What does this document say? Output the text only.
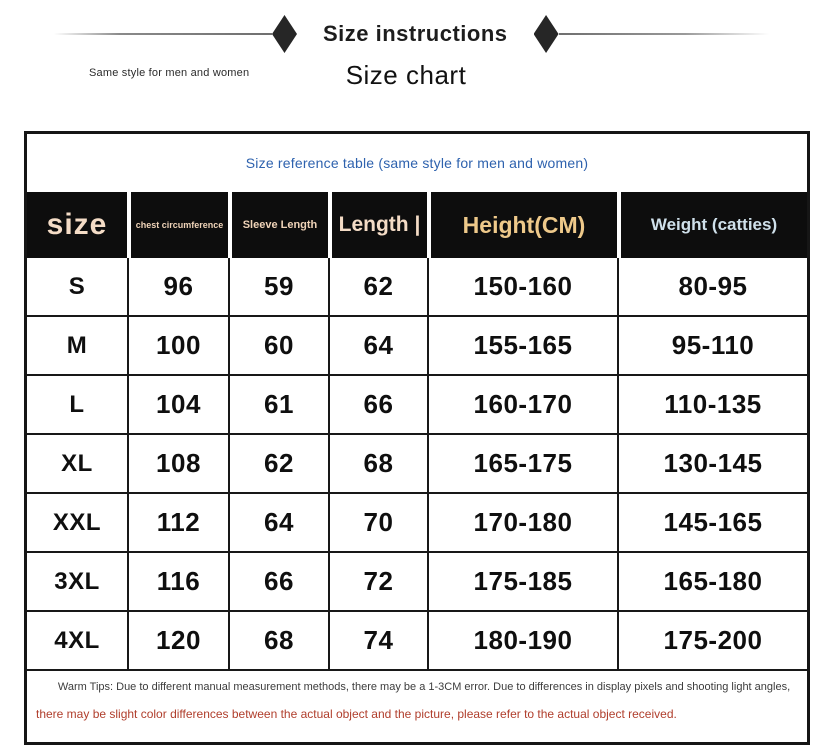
Size instructions
Same style for men and women	Size chart
Size reference table (same style for men and women)
size	chest circumference	Sleeve Length	Length |	Height(CM)	Weight (catties)
S	96	59	62	150-160	80-95
M	100	60	64	155-165	95-110
L	104	61	66	160-170	110-135
XL	108	62	68	165-175	130-145
XXL	112	64	70	170-180	145-165
3XL	116	66	72	175-185	165-180
4XL	120	68	74	180-190	175-200
Warm Tips: Due to different manual measurement methods, there may be a 1-3CM error. Due to differences in display pixels and shooting light angles,
there may be slight color differences between the actual object and the picture, please refer to the actual object received.
